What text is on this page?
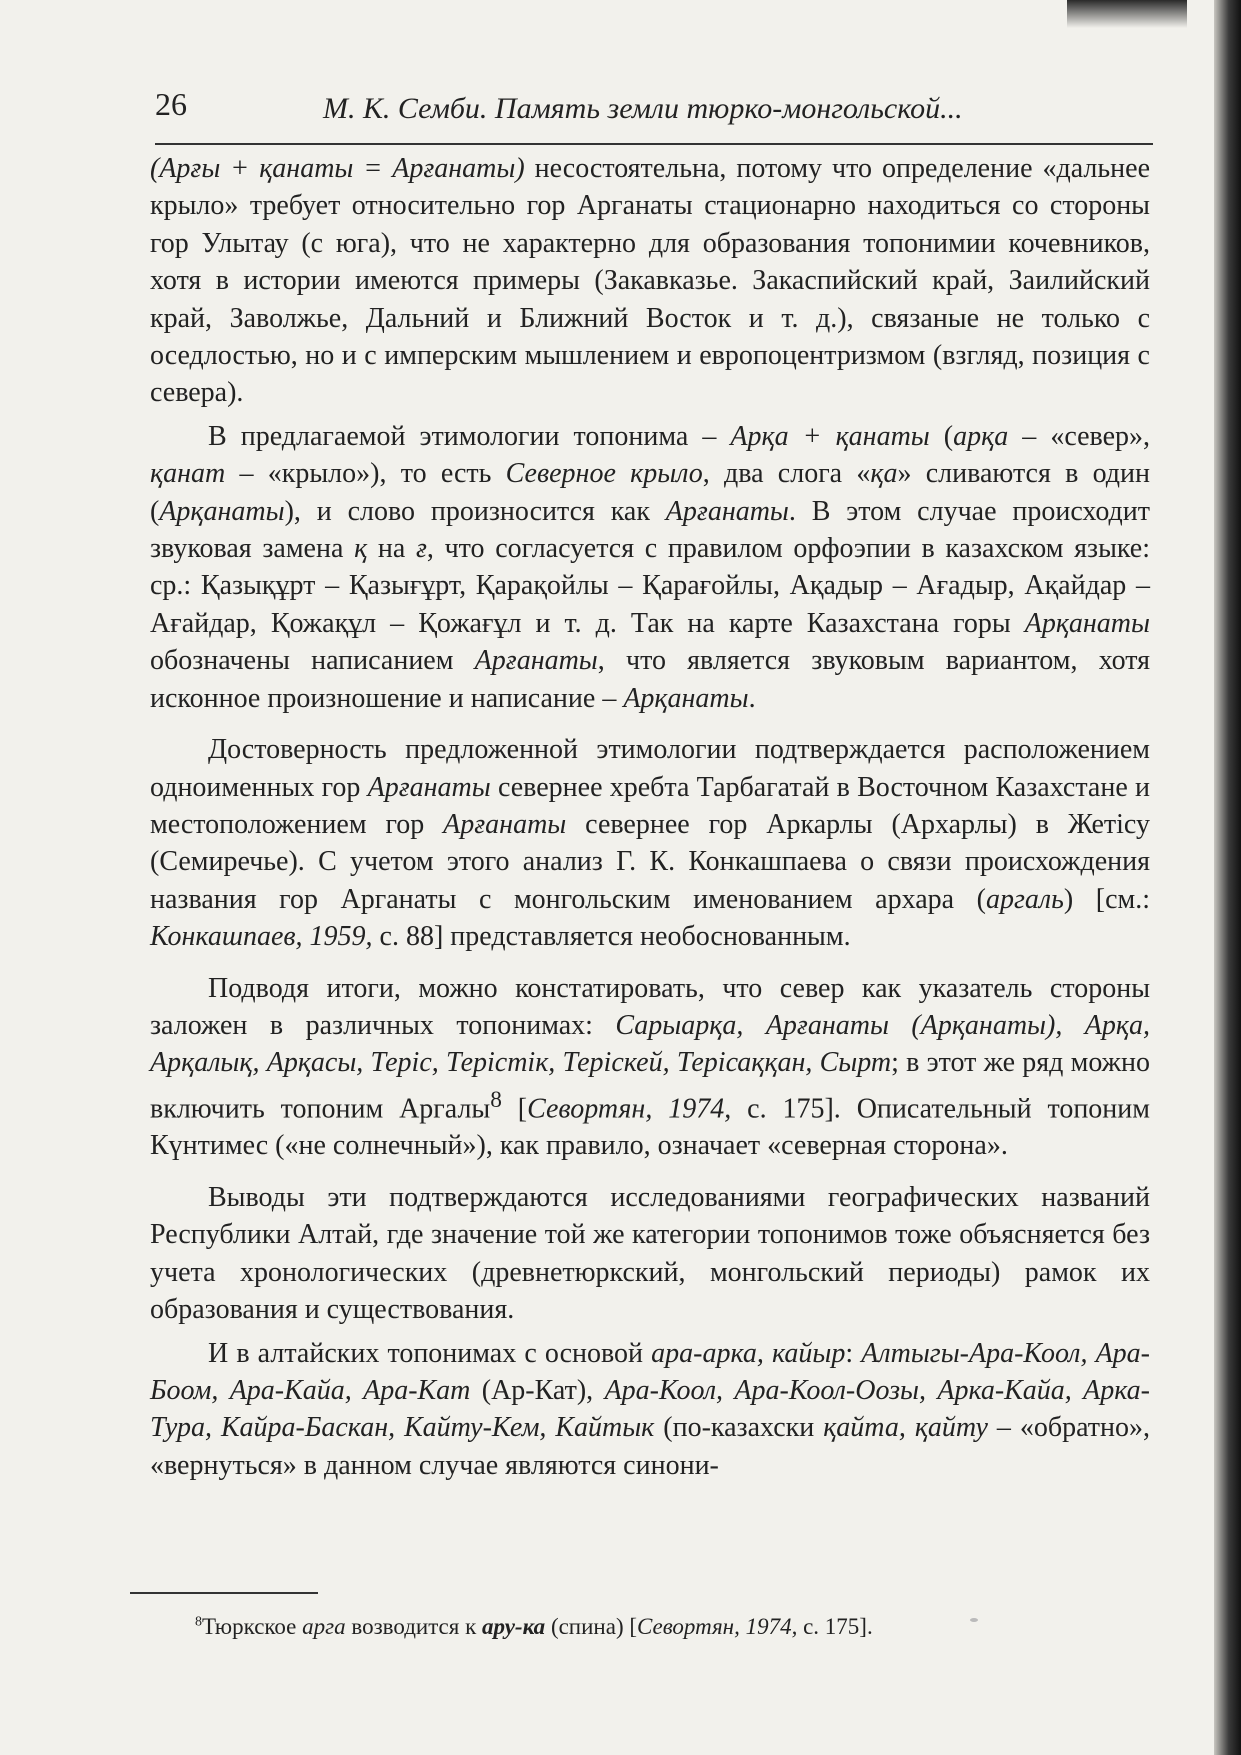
26	М. К. Семби. Память земли тюрко-монгольской...

(Арғы + қанаты = Арғанаты) несостоятельна, потому что определение «дальнее крыло» требует относительно гор Арганаты стационарно находиться со стороны гор Улытау (с юга), что не характерно для образования топонимии кочевников, хотя в истории имеются примеры (Закавказье. Закаспийский край, Заилийский край, Заволжье, Дальний и Ближний Восток и т. д.), связаные не только с оседлостью, но и с имперским мышлением и европоцентризмом (взгляд, позиция с севера).

В предлагаемой этимологии топонима – Арқа + қанаты (арқа – «север», қанат – «крыло»), то есть Северное крыло, два слога «қа» сливаются в один (Арқанаты), и слово произносится как Арғанаты. В этом случае происходит звуковая замена қ на ғ, что согласуется с правилом орфоэпии в казахском языке: ср.: Қазықұрт – Қазығұрт, Қарақойлы – Қарағойлы, Ақадыр – Ағадыр, Ақайдар – Ағайдар, Қожақұл – Қожағұл и т. д. Так на карте Казахстана горы Арқанаты обозначены написанием Арғанаты, что является звуковым вариантом, хотя исконное произношение и написание – Арқанаты.

Достоверность предложенной этимологии подтверждается расположением одноименных гор Арғанаты севернее хребта Тарбагатай в Восточном Казахстане и местоположением гор Арғанаты севернее гор Аркарлы (Архарлы) в Жетісу (Семиречье). С учетом этого анализ Г. К. Конкашпаева о связи происхождения названия гор Арганаты с монгольским именованием архара (аргаль) [см.: Конкашпаев, 1959, с. 88] представляется необоснованным.

Подводя итоги, можно констатировать, что север как указатель стороны заложен в различных топонимах: Сарыарқа, Арғанаты (Арқанаты), Арқа, Арқалық, Арқасы, Теріс, Терістік, Теріскей, Терісаққан, Сырт; в этот же ряд можно включить топоним Аргалы$^8$ [Севортян, 1974, с. 175]. Описательный топоним Күнтимес («не солнечный»), как правило, означает «северная сторона».

Выводы эти подтверждаются исследованиями географических названий Республики Алтай, где значение той же категории топонимов тоже объясняется без учета хронологических (древнетюркский, монгольский периоды) рамок их образования и существования.

И в алтайских топонимах с основой ара-арка, кайыр: Алтыгы-Ара-Коол, Ара-Боом, Ара-Кайа, Ара-Кат (Ар-Кат), Ара-Коол, Ара-Коол-Оозы, Арка-Кайа, Арка-Тура, Кайра-Баскан, Кайту-Кем, Кайтык (по-казахски қайта, қайту – «обратно», «вернуться» в данном случае являются синони-

$^8$Тюркское арга возводится к ару-ка (спина) [Севортян, 1974, с. 175].
